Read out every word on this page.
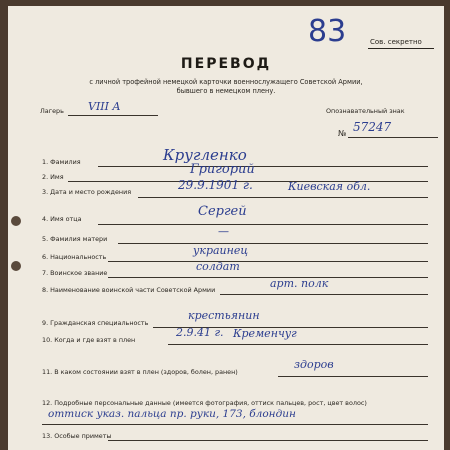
83	Сов. секретно
ПЕРЕВОД
с личной трофейной немецкой карточки военнослужащего Советской Армии,
бывшего в немецком плену.
Лагерь VIII A	Опознавательный знак
№ 57247
1. Фамилия	Кругленко
2. Имя	Григорий
3. Дата и место рождения	29.9.1901 г.	Киевская обл.
4. Имя отца	Сергей
5. Фамилия матери
—
6. Национальность	украинец
7. Воинское звание	солдат
8. Наименование воинской части Советской Армии	арт. полк
9. Гражданская специальность
крестьянин
10. Когда и где взят в плен
2.9.41 г. Кременчуг
11. В каком состоянии взят в плен (здоров, болен, ранен)
здоров
12. Подробные персональные данные (имеется фотография, оттиск пальцев, рост, цвет волос)
оттиск указ. пальца пр. руки, 173, блондин
13. Особые приметы
